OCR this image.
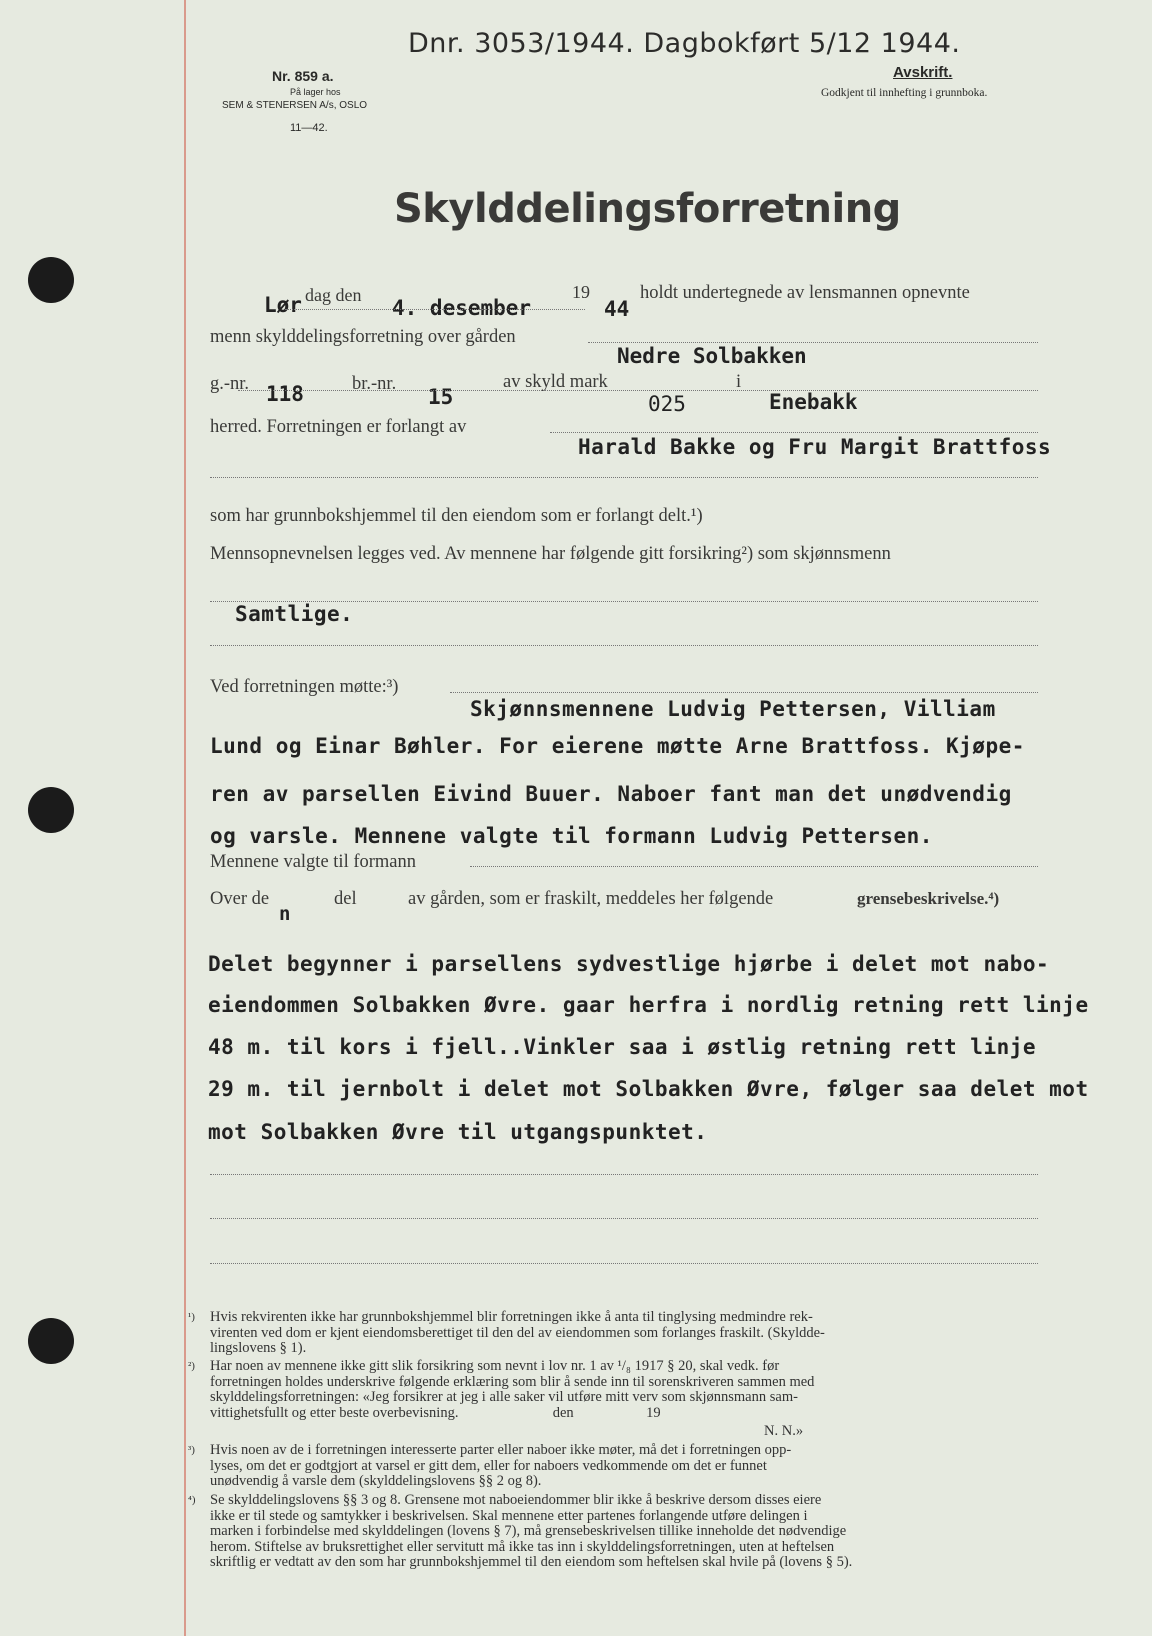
Dnr. 3053/1944. Dagbokført 5/12 1944.
Nr. 859 a.
På lager hos
SEM & STENERSEN A/s, OSLO
11—42.
Avskrift.
Godkjent til innhefting i grunnboka.
Skylddelingsforretning
Lør dag den
4. desember
19
44
holdt undertegnede av lensmannen opnevnte
menn skylddelingsforretning over gården
Nedre Solbakken
g.-nr. 118	br.-nr.
15
av skyld mark
025
i
Enebakk
herred. Forretningen er forlangt av
Harald Bakke og Fru Margit Brattfoss
som har grunnbokshjemmel til den eiendom som er forlangt delt.¹)
Mennsopnevnelsen legges ved. Av mennene har følgende gitt forsikring²) som skjønnsmenn
Samtlige.
Ved forretningen møtte:³)
Skjønnsmennene Ludvig Pettersen, Villiam
Lund og Einar Bøhler. For eierene møtte Arne Brattfoss. Kjøpe-
ren av parsellen Eivind Buuer. Naboer fant man det unødvendig
og varsle. Mennene valgte til formann Ludvig Pettersen.
Mennene valgte til formann
Over de
n
del	av gården, som er fraskilt, meddeles her følgende	grensebeskrivelse.⁴)
Delet begynner i parsellens sydvestlige hjørbe i delet mot nabo-
eiendommen Solbakken Øvre. gaar herfra i nordlig retning rett linje
48 m. til kors i fjell..Vinkler saa i østlig retning rett linje
29 m. til jernbolt i delet mot Solbakken Øvre, følger saa delet mot
mot Solbakken Øvre til utgangspunktet.
¹) Hvis rekvirenten ikke har grunnbokshjemmel blir forretningen ikke å anta til tinglysing medmindre rek-
virenten ved dom er kjent eiendomsberettiget til den del av eiendommen som forlanges fraskilt. (Skyldde-
lingslovens § 1).
²) Har noen av mennene ikke gitt slik forsikring som nevnt i lov nr. 1 av ¹/₈ 1917 § 20, skal vedk. før
forretningen holdes underskrive følgende erklæring som blir å sende inn til sorenskriveren sammen med
skylddelingsforretningen: «Jeg forsikrer at jeg i alle saker vil utføre mitt verv som skjønnsmann sam-
vittighetsfullt og etter beste overbevisning.                          den                    19
N. N.»
³) Hvis noen av de i forretningen interesserte parter eller naboer ikke møter, må det i forretningen opp-
lyses, om det er godtgjort at varsel er gitt dem, eller for naboers vedkommende om det er funnet
unødvendig å varsle dem (skylddelingslovens §§ 2 og 8).
⁴) Se skylddelingslovens §§ 3 og 8. Grensene mot naboeiendommer blir ikke å beskrive dersom disses eiere
ikke er til stede og samtykker i beskrivelsen. Skal mennene etter partenes forlangende utføre delingen i
marken i forbindelse med skylddelingen (lovens § 7), må grensebeskrivelsen tillike inneholde det nødvendige
herom. Stiftelse av bruksrettighet eller servitutt må ikke tas inn i skylddelingsforretningen, uten at heftelsen
skriftlig er vedtatt av den som har grunnbokshjemmel til den eiendom som heftelsen skal hvile på (lovens § 5).
